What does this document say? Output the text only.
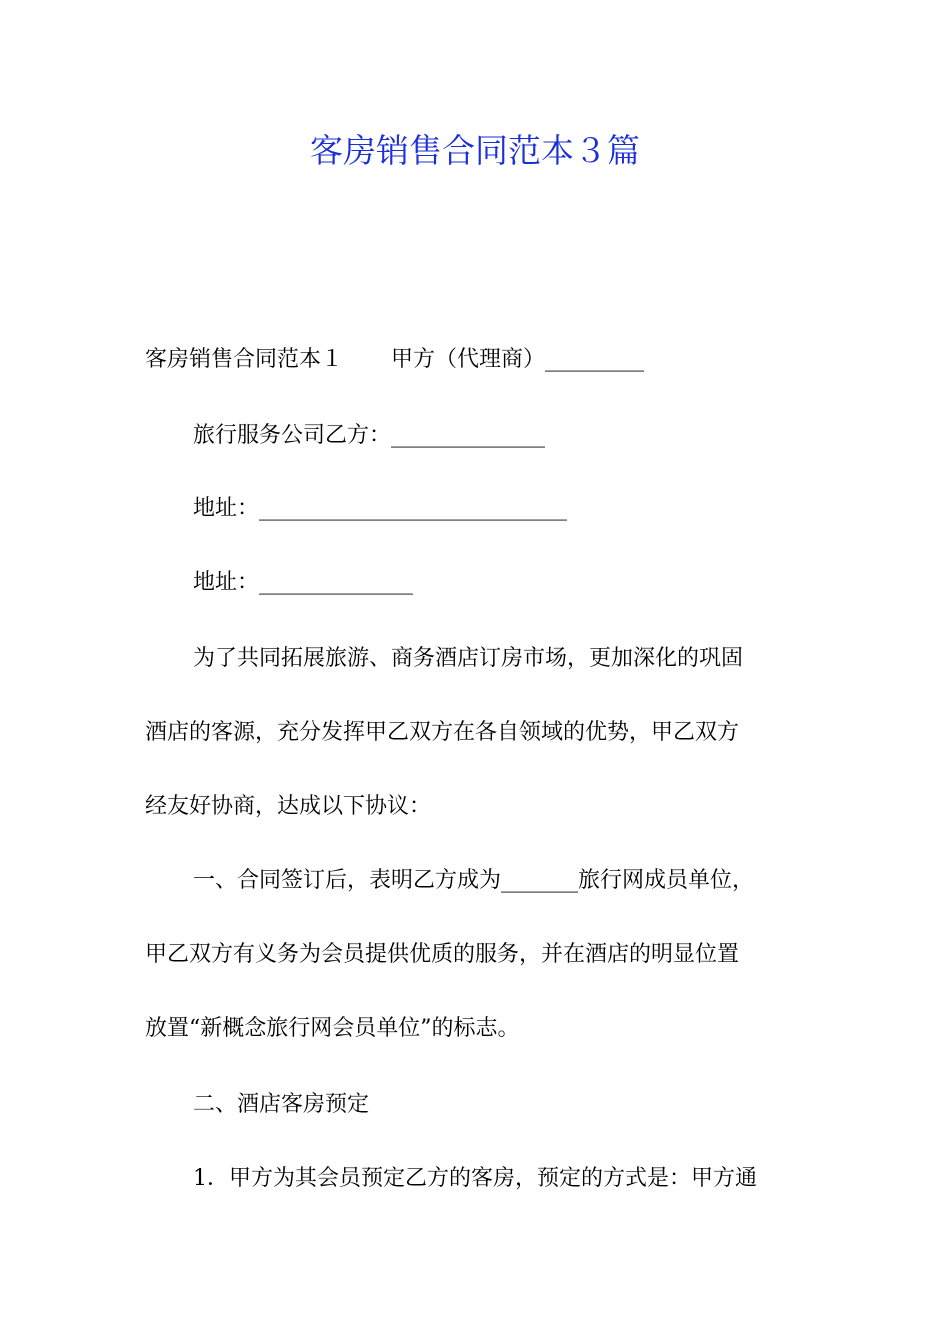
客房销售合同范本３篇
客房销售合同范本１ 甲方（代理商）_________
旅行服务公司乙方：______________
地址：____________________________
地址：______________
为了共同拓展旅游、商务酒店订房市场，更加深化的巩固
酒店的客源，充分发挥甲乙双方在各自领域的优势，甲乙双方
经友好协商，达成以下协议：
一、合同签订后，表明乙方成为_______旅行网成员单位，
甲乙双方有义务为会员提供优质的服务，并在酒店的明显位置
放置“新概念旅行网会员单位”的标志。
二、酒店客房预定
1．甲方为其会员预定乙方的客房，预定的方式是：甲方通
